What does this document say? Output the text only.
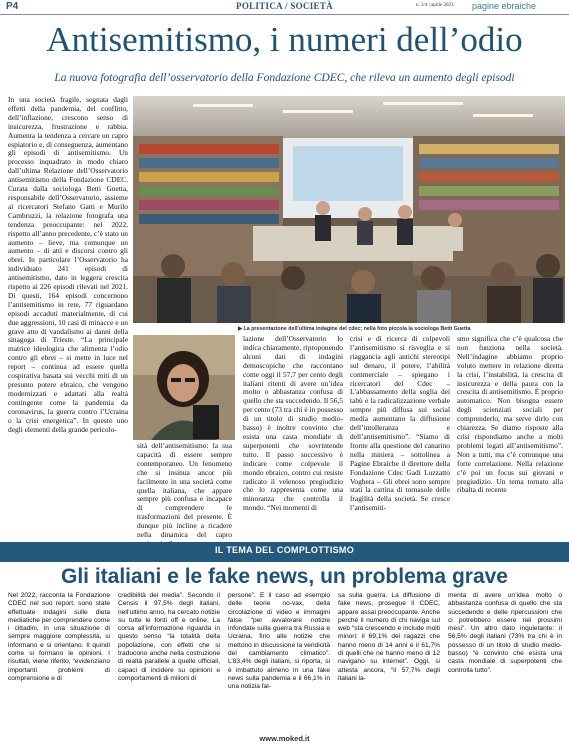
P4	POLITICA / SOCIETÀ	n. 3/4 | aprile 2023 pagine ebraiche
Antisemitismo, i numeri dell’odio
La nuova fotografia dell’osservatorio della Fondazione CDEC, che rileva un aumento degli episodi

In una società fragile, segnata dagli effetti della pandemia, del conflitto, dell’inflazione, crescono senso di insicurezza, frustrazione e rabbia. Aumenta la tendenza a cercare un capro espiatorio e, di conseguenza, aumentano gli episodi di antisemitismo. Un processo inquadrato in modo chiaro dall’ultima Relazione dell’Osservatorio antisemitismo della Fondazione CDEC. Curata dalla sociologa Betti Guetta, responsabile dell’Osservatorio, assieme ai ricercatori Stefano Gatti e Murilo Cambruzzi, la relazione fotografa una tendenza preoccupante: nel 2022, rispetto all’anno precedente, c’è stato un aumento – lieve, ma comunque un aumento – di atti e discorsi contro gli ebrei. In particolare l’Osservatorio ha individuato 241 episodi di antisemitismo, dato in leggera crescita rispetto ai 226 episodi rilevati nel 2021. Di questi, 164 episodi concernono l’antisemitismo in rete, 77 riguardano episodi accaduti materialmente, di cui due aggressioni, 10 casi di minacce e un grave atto di vandalismo ai danni della sinagoga di Trieste. “La principale matrice ideologica che alimenta l’odio contro gli ebrei – si mette in luce nel report – continua ad essere quella cospirativa basata sui vecchi miti di un presunto potere ebraico, che vengono modernizzati e adattati alla realtà contingente come la pandemia da coronavirus, la guerra contro l’Ucraina o la crisi energetica”. In questo uno degli elementi della grande pericolo-

▶ La presentazione dell’ultima indagine del cdec; nella foto piccola la sociologa Betti Guetta

sità dell’antisemitismo: la sua capacità di essere sempre contemporaneo. Un fenomeno che si insinua ancor più facilmente in una società come quella italiana, che appare sempre più confusa e incapace di comprendere le trasformazioni del presente. È dunque più incline a ricadere nella dinamica del capro

lazione dell’Osservatorio lo indica chiaramente, riproponendo alcuni dati di indagini demoscopiche che raccontano come oggi il 57,7 per cento degli italiani ritenti di avere un’idea molto o abbastanza confusa di quello che sta succedendo. Il 56,5 per cento (73 tra chi è in possesso di un titolo di studio medio-basso) è inoltre convinto che esista una casta mondiale di superpotenti che sovrintende tutto. Il passo successivo è indicare come colpevole il mondo ebraico, contro cui resiste radicato il velenoso pregiudizio che lo rappresenta come una minoranza che controlla il mondo. “Nei momenti di

crisi e di ricerca di colpevoli l’antisemitismo si risveglia e si riaggancia agli antichi stereotipi sul denaro, il potere, l’abilità commerciale – spiegano i ricercatori del Cdec – L’abbassamento della soglia dei tabù e la radicalizzazione verbale sempre più diffusa sui social media aumentano la diffusione dell’intolleranza e dell’antisemitismo”. “Siamo di fronte alla questione del canarino nella miniera – sottolinea a Pagine Ebraiche il direttore della Fondazione Cdec Gadi Luzzatto Voghera – Gli ebrei sono sempre stati la cartina di tornasole delle fragilità della società. Se cresce l’antisemiti-

smo significa che c’è qualcosa che non funziona nella società. Nell’indagine abbiamo proprio voluto mettere in relazione diretta la crisi, l’instabilità, la crescita di insicurezza e della paura con la crescita di antisemitismo. È proprio automatico. Non bisogna essere degli scienziati sociali per comprenderlo, ma serve dirlo con chiarezza. Se diamo risposte alla crisi rispondiamo anche a molti problemi legati all’antisemitismo”. Non a tutti, ma c’è comunque una forte correlazione. Nella relazione c’è poi un focus sui giovani e pregiudizio. Un tema tornato alla ribalta di recente

IL TEMA DEL COMPLOTTISMO
Gli italiani e le fake news, un problema grave

Nel 2022, racconta la Fondazione CDEC nel suo report, sono state effettuate indagini sulle dieta mediatiche per comprendere come i cittadini, in una situazione di sempre maggiore complessità, si informano e si orientano. Il quindi come si formano le opinioni. I risultati, viene riferito, “evidenziano importanti problemi di comprensione e di

credibilità dei media”. Secondo il Censis il 97,5% degli italiani, nell’ultimo anno, ha cercato notizie su tutte le fonti off e online. La corsa all’informazione riguarda in questo senso “la totalità della popolazione, con effetti che si traducono anche nella costruzione di realtà parallele a quelle ufficiali, capaci di incidere su opinioni e comportamenti di milioni di

persone”. E il caso ad esempio delle teorie no-vax, della circolazione di video e immagini false “per avvalorare notizie infondate sulla guerra tra Russia e Ucraina, fino alle notizie che mettono in discussione la veridicità del cambiamento climatico”. L’83,4% degli italiani, si riporta, si è imbattuto almeno in una fake news sulla pandemia e il 66,1% in una notizia fal-

sa sulla guerra. La diffusione di fake news, prosegue il CDEC, appare assai preoccupante. Anche perché il numero di chi naviga sul web “sta crescendo e include molti minori: il 69,1% dei ragazzi che hanno meno di 14 anni e il 61,7% di quelli che ne hanno meno di 12 navigano su internet”. Oggi, si attesta ancora, “il 57,7% degli italiani la-

menta di avere un’idea molto o abbastanza confusa di quello che sta succedendo e delle ripercussioni che ci potrebbero essere nei prossimi mesi”. Un altro dato inquietante: il 56,5% degli italiani (73% tra chi è in possesso di un titolo di studio medio-basso) “è convinto che esista una casta mondiale di superpotenti che controlla tutto”.

www.moked.it
